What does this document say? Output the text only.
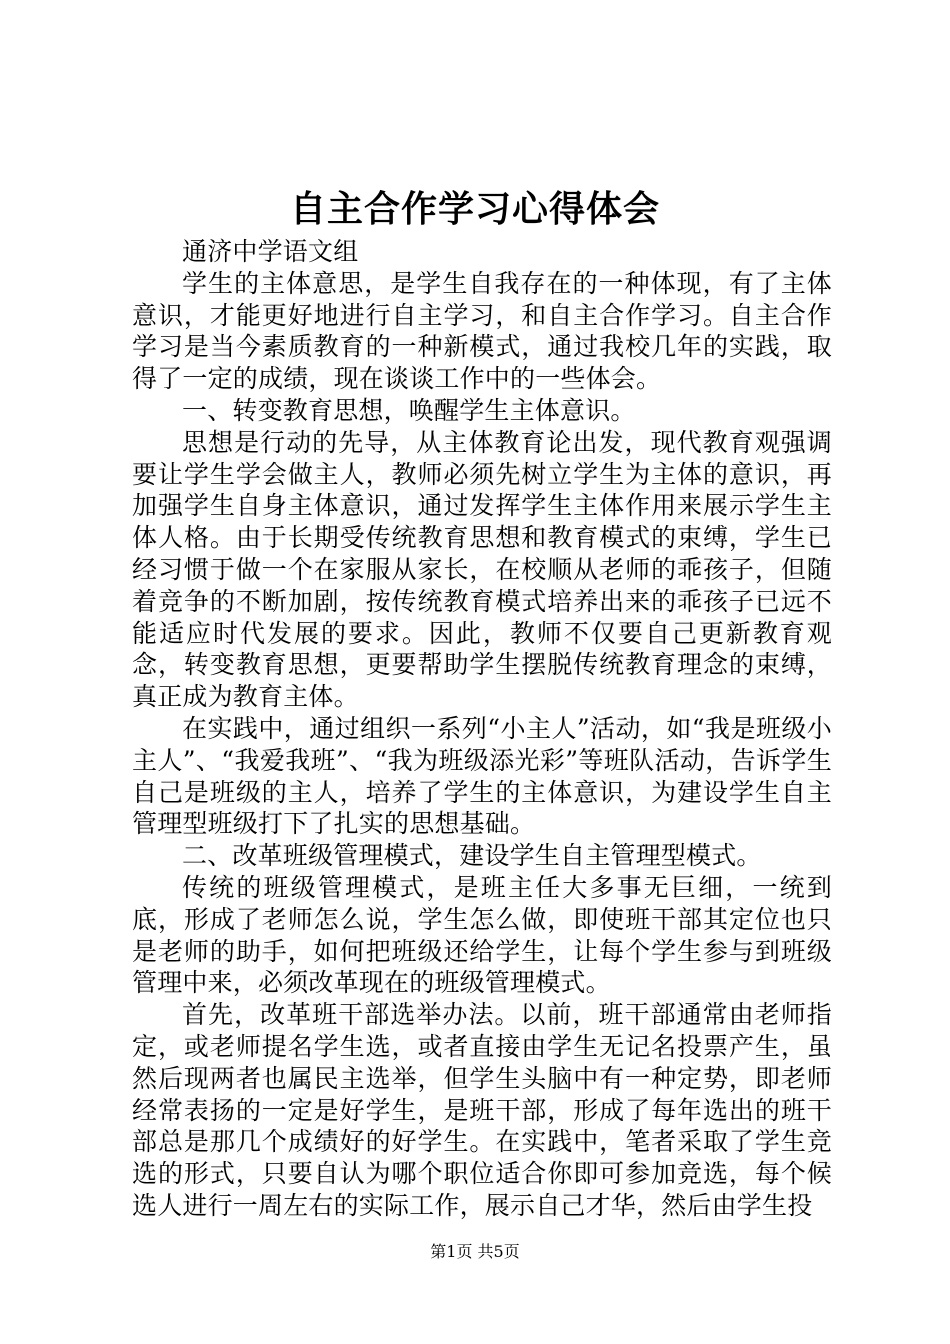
自主合作学习心得体会

通济中学语文组

学生的主体意思，是学生自我存在的一种体现，有了主体意识，才能更好地进行自主学习，和自主合作学习。自主合作学习是当今素质教育的一种新模式，通过我校几年的实践，取得了一定的成绩，现在谈谈工作中的一些体会。

一、转变教育思想，唤醒学生主体意识。

思想是行动的先导，从主体教育论出发，现代教育观强调要让学生学会做主人，教师必须先树立学生为主体的意识，再加强学生自身主体意识，通过发挥学生主体作用来展示学生主体人格。由于长期受传统教育思想和教育模式的束缚，学生已经习惯于做一个在家服从家长，在校顺从老师的乖孩子，但随着竞争的不断加剧，按传统教育模式培养出来的乖孩子已远不能适应时代发展的要求。因此，教师不仅要自己更新教育观念，转变教育思想，更要帮助学生摆脱传统教育理念的束缚，真正成为教育主体。

在实践中，通过组织一系列“小主人”活动，如“我是班级小主人”、“我爱我班”、“我为班级添光彩”等班队活动，告诉学生自己是班级的主人，培养了学生的主体意识，为建设学生自主管理型班级打下了扎实的思想基础。

二、改革班级管理模式，建设学生自主管理型模式。

传统的班级管理模式，是班主任大多事无巨细，一统到底，形成了老师怎么说，学生怎么做，即使班干部其定位也只是老师的助手，如何把班级还给学生，让每个学生参与到班级管理中来，必须改革现在的班级管理模式。

首先，改革班干部选举办法。以前，班干部通常由老师指定，或老师提名学生选，或者直接由学生无记名投票产生，虽然后现两者也属民主选举，但学生头脑中有一种定势，即老师经常表扬的一定是好学生，是班干部，形成了每年选出的班干部总是那几个成绩好的好学生。在实践中，笔者采取了学生竞选的形式，只要自认为哪个职位适合你即可参加竞选，每个候选人进行一周左右的实际工作，展示自己才华，然后由学生投

第1页 共5页
